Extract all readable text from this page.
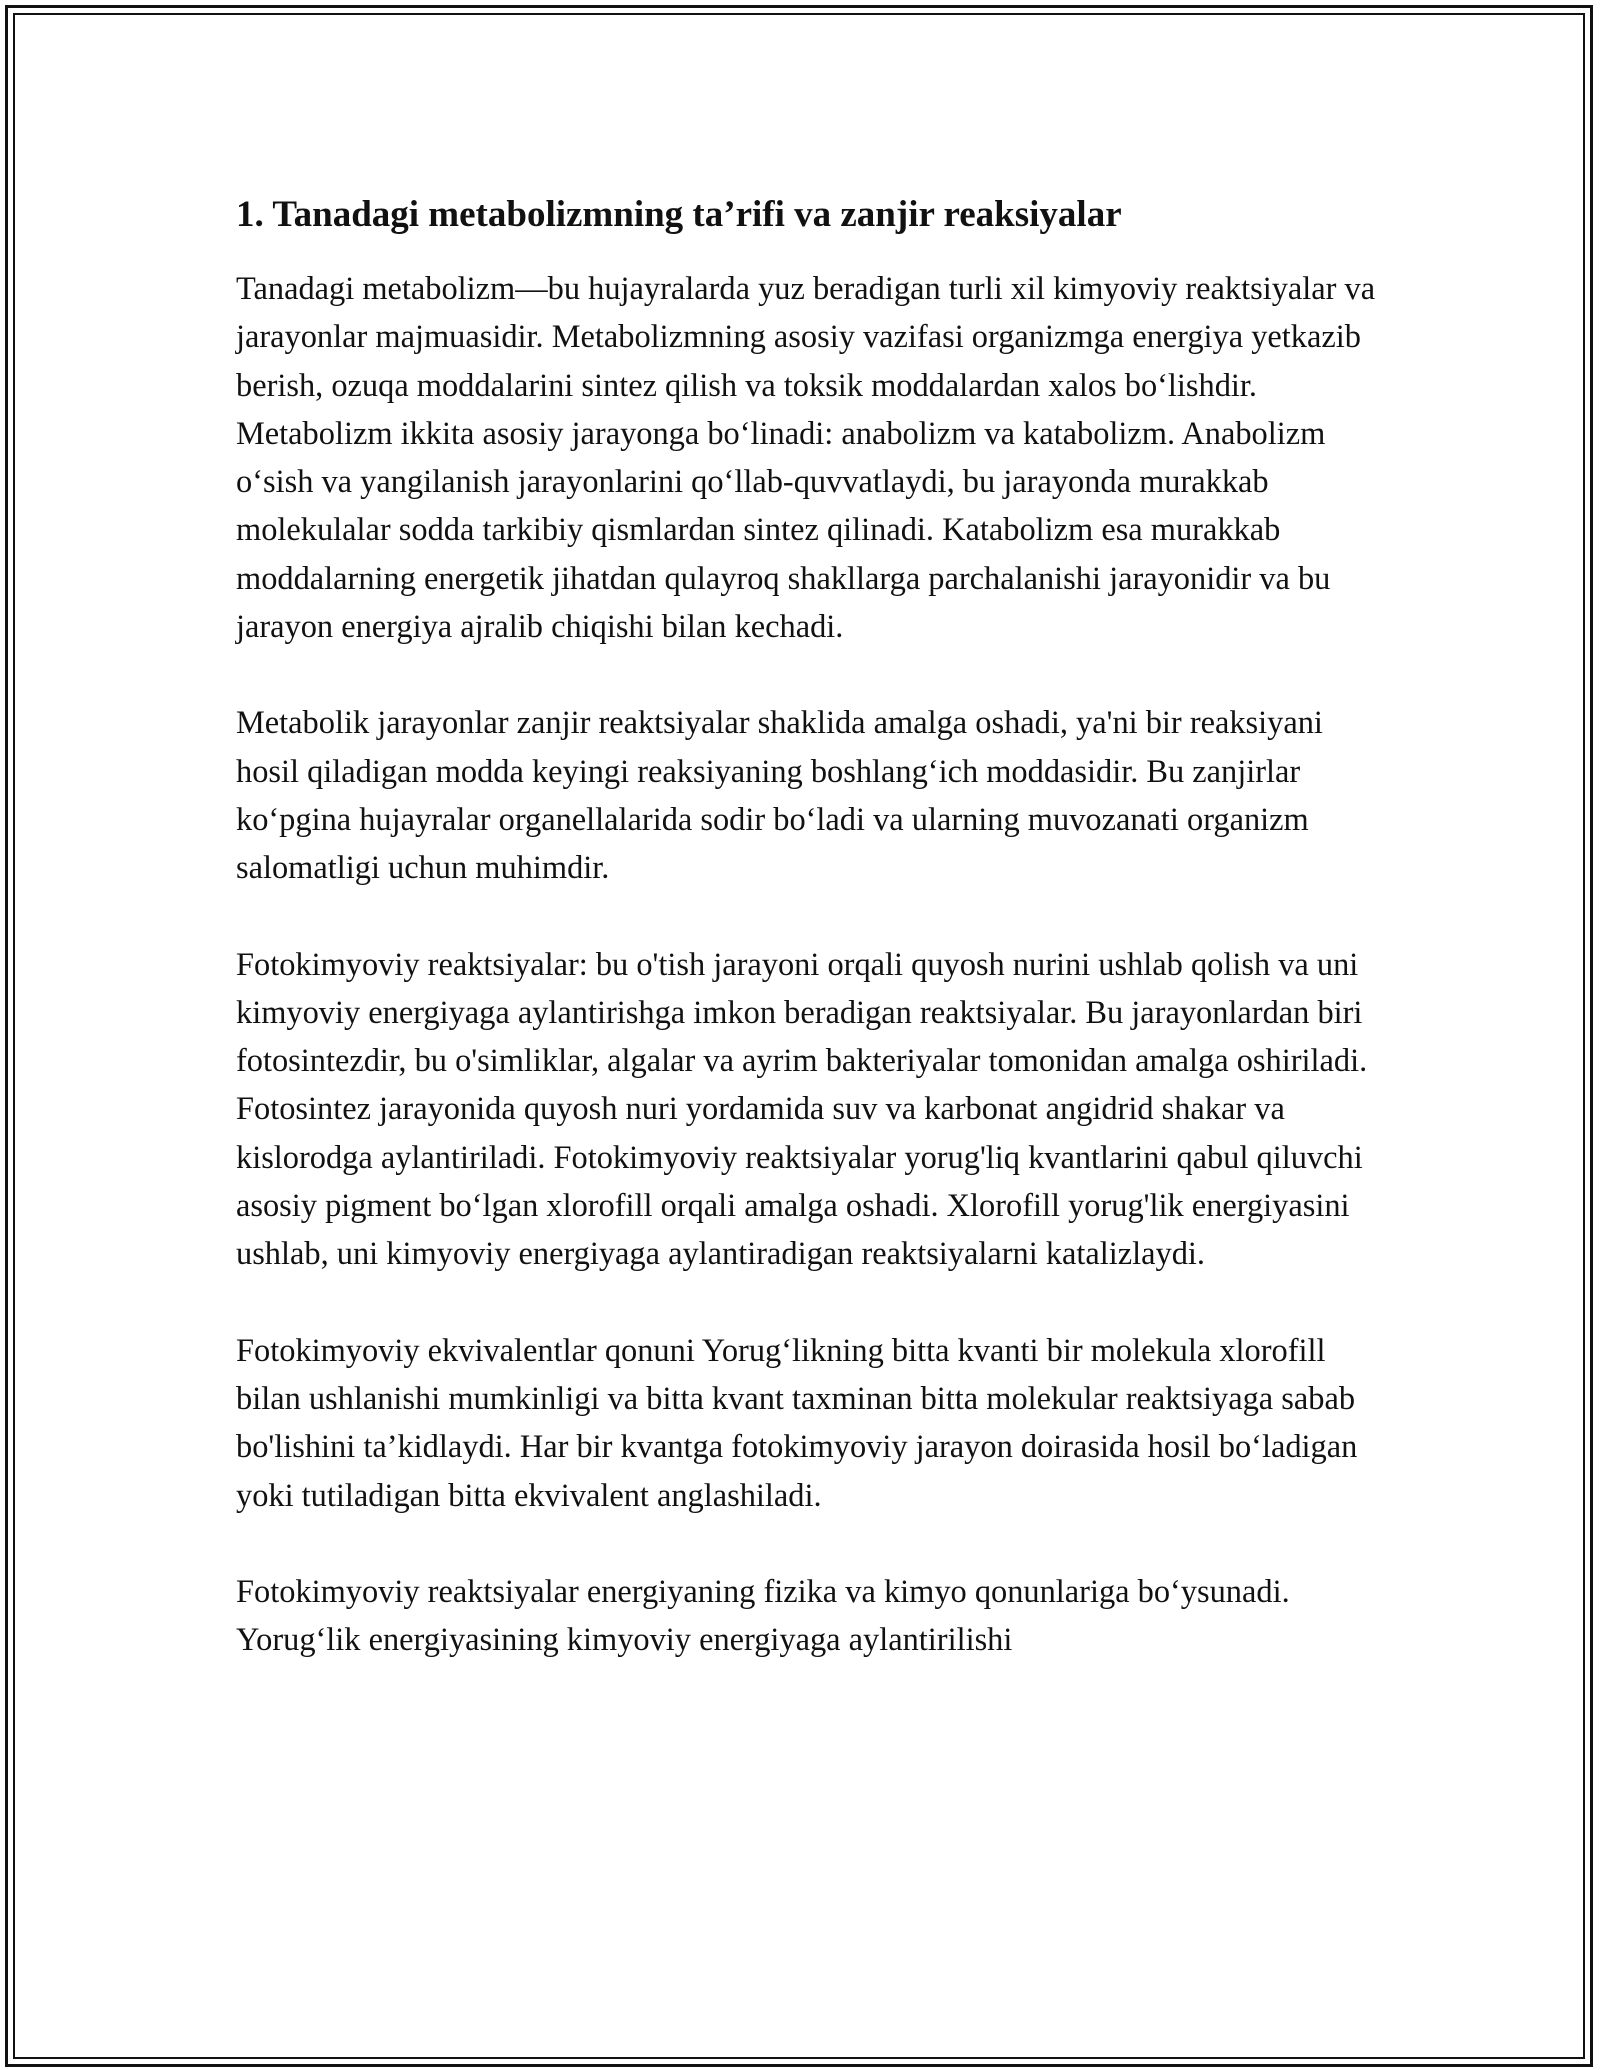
1. Tanadagi metabolizmning ta’rifi va zanjir reaksiyalar

Tanadagi metabolizm—bu hujayralarda yuz beradigan turli xil kimyoviy reaktsiyalar va jarayonlar majmuasidir. Metabolizmning asosiy vazifasi organizmga energiya yetkazib berish, ozuqa moddalarini sintez qilish va toksik moddalardan xalos bo‘lishdir. Metabolizm ikkita asosiy jarayonga bo‘linadi: anabolizm va katabolizm. Anabolizm o‘sish va yangilanish jarayonlarini qo‘llab-quvvatlaydi, bu jarayonda murakkab molekulalar sodda tarkibiy qismlardan sintez qilinadi. Katabolizm esa murakkab moddalarning energetik jihatdan qulayroq shakllarga parchalanishi jarayonidir va bu jarayon energiya ajralib chiqishi bilan kechadi.

Metabolik jarayonlar zanjir reaktsiyalar shaklida amalga oshadi, ya'ni bir reaksiyani hosil qiladigan modda keyingi reaksiyaning boshlang‘ich moddasidir. Bu zanjirlar ko‘pgina hujayralar organellalarida sodir bo‘ladi va ularning muvozanati organizm salomatligi uchun muhimdir.

Fotokimyoviy reaktsiyalar: bu o'tish jarayoni orqali quyosh nurini ushlab qolish va uni kimyoviy energiyaga aylantirishga imkon beradigan reaktsiyalar. Bu jarayonlardan biri fotosintezdir, bu o'simliklar, algalar va ayrim bakteriyalar tomonidan amalga oshiriladi. Fotosintez jarayonida quyosh nuri yordamida suv va karbonat angidrid shakar va kislorodga aylantiriladi. Fotokimyoviy reaktsiyalar yorug'liq kvantlarini qabul qiluvchi asosiy pigment bo‘lgan xlorofill orqali amalga oshadi. Xlorofill yorug'lik energiyasini ushlab, uni kimyoviy energiyaga aylantiradigan reaktsiyalarni katalizlaydi.

Fotokimyoviy ekvivalentlar qonuni Yorug‘likning bitta kvanti bir molekula xlorofill bilan ushlanishi mumkinligi va bitta kvant taxminan bitta molekular reaktsiyaga sabab bo'lishini ta’kidlaydi. Har bir kvantga fotokimyoviy jarayon doirasida hosil bo‘ladigan yoki tutiladigan bitta ekvivalent anglashiladi.

Fotokimyoviy reaktsiyalar energiyaning fizika va kimyo qonunlariga bo‘ysunadi. Yorug‘lik energiyasining kimyoviy energiyaga aylantirilishi
